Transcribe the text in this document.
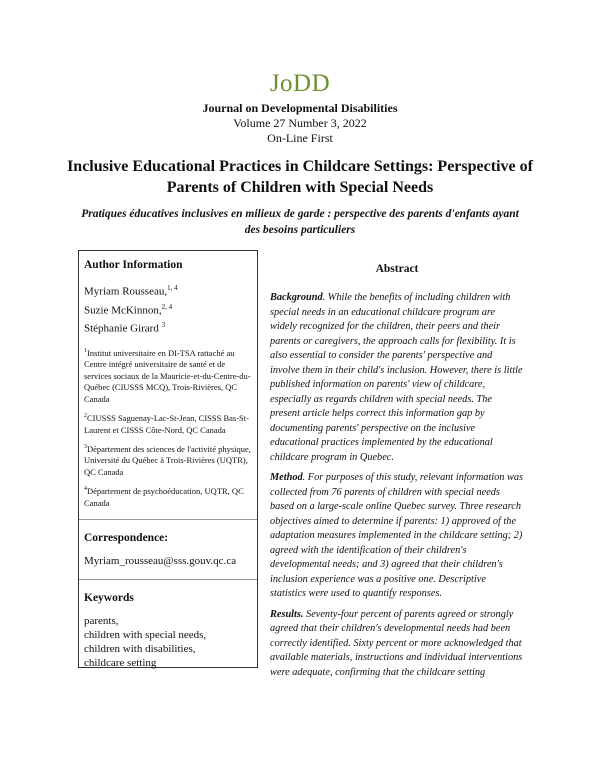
JoDD
Journal on Developmental Disabilities
Volume 27 Number 3, 2022
On-Line First
Inclusive Educational Practices in Childcare Settings: Perspective of
Parents of Children with Special Needs
Pratiques éducatives inclusives en milieux de garde : perspective des parents d'enfants ayant
des besoins particuliers
Author Information
Myriam Rousseau,$^{1, 4}$
Suzie McKinnon,$^{2, 4}$
Stéphanie Girard $^3$
$^1$Institut universitaire en DI-TSA rattaché au Centre intégré universitaire de santé et de services sociaux de la Mauricie-et-du-Centre-du-Québec (CIUSSS MCQ), Trois-Rivières, QC Canada
$^2$CIUSSS Saguenay-Lac-St-Jean, CISSS Bas-St-Laurent et CISSS Côte-Nord, QC Canada
$^3$Département des sciences de l'activité physique, Université du Québec à Trois-Rivières (UQTR), QC Canada
$^4$Département de psychoéducation, UQTR, QC Canada
Correspondence:
Myriam_rousseau@sss.gouv.qc.ca
Keywords
parents,
children with special needs,
children with disabilities,
childcare setting
Abstract

Background. While the benefits of including children with special needs in an educational childcare program are widely recognized for the children, their peers and their parents or caregivers, the approach calls for flexibility. It is also essential to consider the parents' perspective and involve them in their child's inclusion. However, there is little published information on parents' view of childcare, especially as regards children with special needs. The present article helps correct this information gap by documenting parents' perspective on the inclusive educational practices implemented by the educational childcare program in Quebec.

Method. For purposes of this study, relevant information was collected from 76 parents of children with special needs based on a large-scale online Quebec survey. Three research objectives aimed to determine if parents: 1) approved of the adaptation measures implemented in the childcare setting; 2) agreed with the identification of their children's developmental needs; and 3) agreed that their children's inclusion experience was a positive one. Descriptive statistics were used to quantify responses.

Results. Seventy-four percent of parents agreed or strongly agreed that their children's developmental needs had been correctly identified. Sixty percent or more acknowledged that available materials, instructions and individual interventions were adequate, confirming that the childcare setting
